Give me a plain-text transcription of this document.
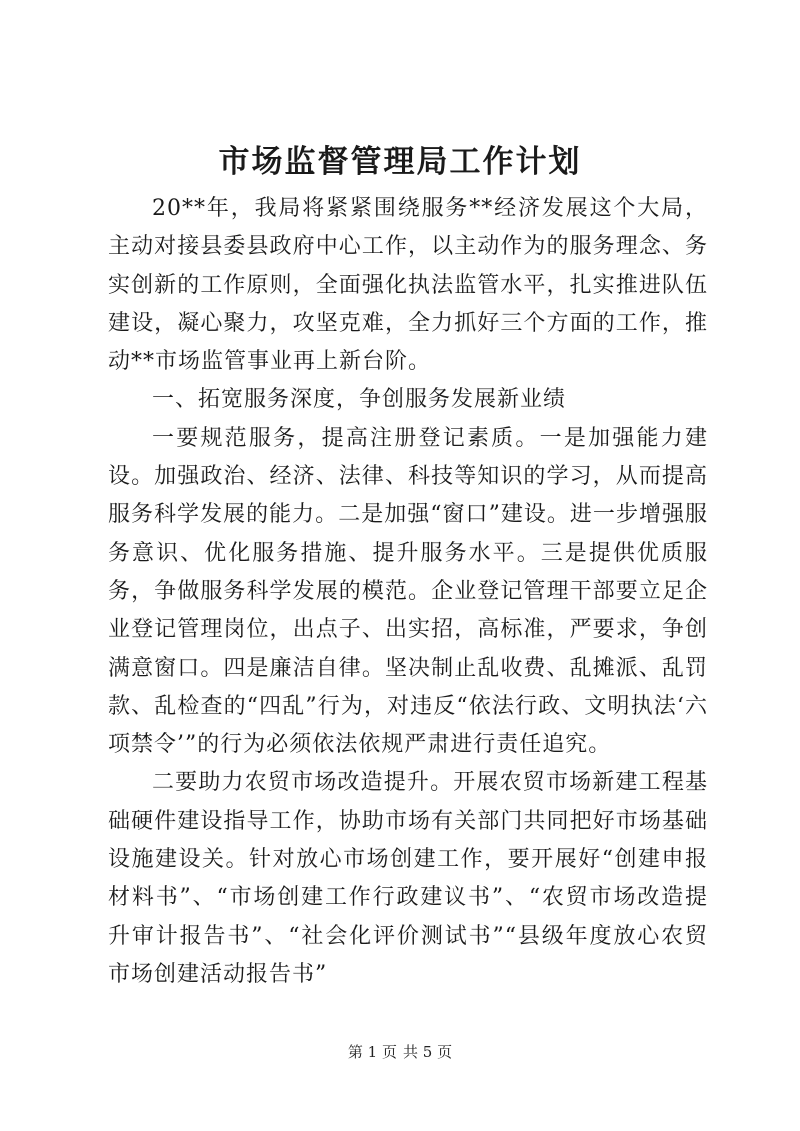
市场监督管理局工作计划

20**年，我局将紧紧围绕服务**经济发展这个大局，主动对接县委县政府中心工作，以主动作为的服务理念、务实创新的工作原则，全面强化执法监管水平，扎实推进队伍建设，凝心聚力，攻坚克难，全力抓好三个方面的工作，推动**市场监管事业再上新台阶。

一、拓宽服务深度，争创服务发展新业绩

一要规范服务，提高注册登记素质。一是加强能力建设。加强政治、经济、法律、科技等知识的学习，从而提高服务科学发展的能力。二是加强“窗口”建设。进一步增强服务意识、优化服务措施、提升服务水平。三是提供优质服务，争做服务科学发展的模范。企业登记管理干部要立足企业登记管理岗位，出点子、出实招，高标准，严要求，争创满意窗口。四是廉洁自律。坚决制止乱收费、乱摊派、乱罚款、乱检查的“四乱”行为，对违反“依法行政、文明执法‘六项禁令’”的行为必须依法依规严肃进行责任追究。

二要助力农贸市场改造提升。开展农贸市场新建工程基础硬件建设指导工作，协助市场有关部门共同把好市场基础设施建设关。针对放心市场创建工作，要开展好“创建申报材料书”、“市场创建工作行政建议书”、“农贸市场改造提升审计报告书”、“社会化评价测试书”“县级年度放心农贸市场创建活动报告书”

第 1 页 共 5 页
